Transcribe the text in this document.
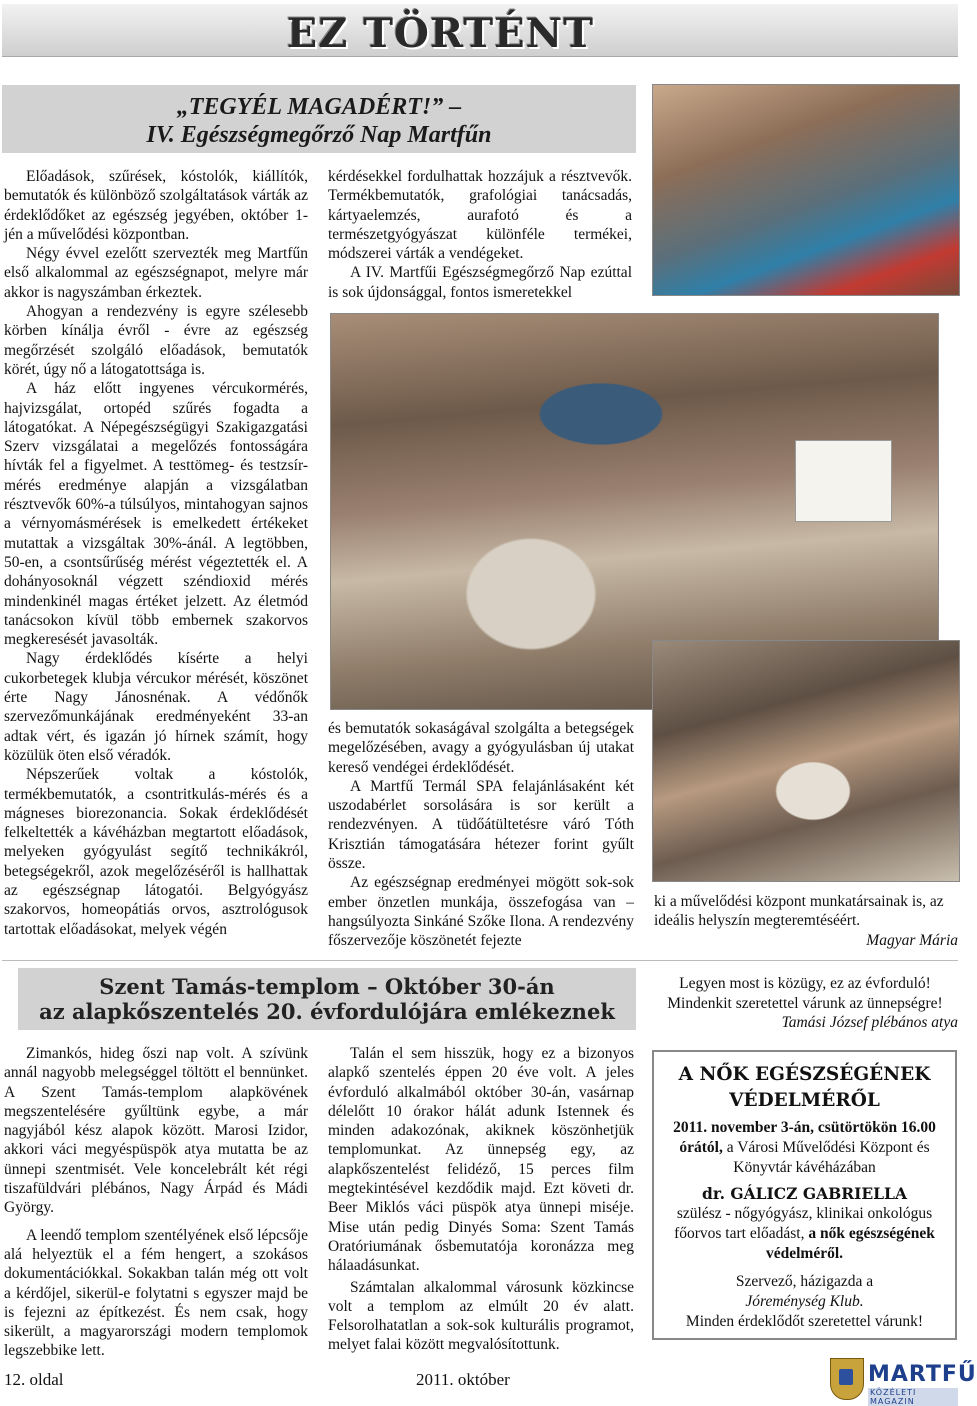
EZ TÖRTÉNT
„TEGYÉL MAGADÉRT!” –
IV. Egészségmegőrző Nap Martfűn

Előadások, szűrések, kóstolók, kiállítók, bemutatók és különböző szolgáltatások várták az érdeklődőket az egészség jegyében, október 1-jén a művelődési központban.

Négy évvel ezelőtt szervezték meg Martfűn első alkalommal az egészségnapot, melyre már akkor is nagyszámban érkeztek.

Ahogyan a rendezvény is egyre szélesebb körben kínálja évről - évre az egészség megőrzését szolgáló előadások, bemutatók körét, úgy nő a látogatottsága is.

A ház előtt ingyenes vércukormérés, hajvizsgálat, ortopéd szűrés fogadta a látogatókat. A Népegészségügyi Szakigazgatási Szerv vizsgálatai a megelőzés fontosságára hívták fel a figyelmet. A testtömeg- és testzsír-mérés eredménye alapján a vizsgálatban résztvevők 60%-a túlsúlyos, mintahogyan sajnos a vérnyomásmérések is emelkedett értékeket mutattak a vizsgáltak 30%-ánál. A legtöbben, 50-en, a csontsűrűség mérést végeztették el. A dohányosoknál végzett széndioxid mérés mindenkinél magas értéket jelzett. Az életmód tanácsokon kívül több embernek szakorvos megkeresését javasolták.

Nagy érdeklődés kísérte a helyi cukorbetegek klubja vércukor mérését, köszönet érte Nagy Jánosnénak. A védőnők szervezőmunkájának eredményeként 33-an adtak vért, és igazán jó hírnek számít, hogy közülük öten első véradók.

Népszerűek voltak a kóstolók, termékbemutatók, a csontritkulás-mérés és a mágneses biorezonancia. Sokak érdeklődését felkeltették a kávéházban megtartott előadások, melyeken gyógyulást segítő technikákról, betegségekről, azok megelőzéséről is hallhattak az egészségnap látogatói. Belgyógyász szakorvos, homeopátiás orvos, asztrológusok tartottak előadásokat, melyek végén

kérdésekkel fordulhattak hozzájuk a résztvevők. Termékbemutatók, grafológiai tanácsadás, kártyaelemzés, aurafotó és a természetgyógyászat különféle termékei, módszerei várták a vendégeket.

A IV. Martfűi Egészségmegőrző Nap ezúttal is sok újdonsággal, fontos ismeretekkel

és bemutatók sokaságával szolgálta a betegségek megelőzésében, avagy a gyógyulásban új utakat kereső vendégei érdeklődését.

A Martfű Termál SPA felajánlásaként két uszodabérlet sorsolására is sor került a rendezvényen. A tüdőátültetésre váró Tóth Krisztián támogatására hétezer forint gyűlt össze.

Az egészségnap eredményei mögött sok-sok ember önzetlen munkája, összefogása van – hangsúlyozta Sinkáné Szőke Ilona. A rendezvény főszervezője köszönetét fejezte

ki a művelődési központ munkatársainak is, az ideális helyszín megteremtéséért.
Magyar Mária
Szent Tamás-templom – Október 30-án
az alapkőszentelés 20. évfordulójára emlékeznek
Legyen most is közügy, ez az évforduló!
Mindenkit szeretettel várunk az ünnepségre!
Tamási József plébános atya

Zimankós, hideg őszi nap volt. A szívünk annál nagyobb melegséggel töltött el bennünket. A Szent Tamás-templom alapkövének megszentelésére gyűltünk egybe, a már nagyjából kész alapok között. Marosi Izidor, akkori váci megyéspüspök atya mutatta be az ünnepi szentmisét. Vele koncelebrált két régi tiszafüldvári plébános, Nagy Árpád és Mádi György.

A leendő templom szentélyének első lépcsője alá helyeztük el a fém hengert, a szokásos dokumentációkkal. Sokakban talán még ott volt a kérdőjel, sikerül-e folytatni s egyszer majd be is fejezni az építkezést. És nem csak, hogy sikerült, a magyarországi modern templomok legszebbike lett.

Talán el sem hisszük, hogy ez a bizonyos alapkő szentelés éppen 20 éve volt. A jeles évforduló alkalmából október 30-án, vasárnap délelőtt 10 órakor hálát adunk Istennek és minden adakozónak, akiknek köszönhetjük templomunkat. Az ünnepség egy, az alapkőszentelést felidéző, 15 perces film megtekintésével kezdődik majd. Ezt követi dr. Beer Miklós váci püspök atya ünnepi miséje. Mise után pedig Dinyés Soma: Szent Tamás Oratóriumának ősbemutatója koronázza meg hálaadásunkat.

Számtalan alkalommal városunk közkincse volt a templom az elmúlt 20 év alatt. Felsorolhatatlan a sok-sok kulturális programot, melyet falai között megvalósítottunk.

A NŐK EGÉSZSÉGÉNEK
VÉDELMÉRŐL
2011. november 3-án, csütörtökön 16.00 órától, a Városi Művelődési Központ és Könyvtár kávéházában
dr. GÁLICZ GABRIELLA
szülész - nőgyógyász, klinikai onkológus főorvos tart előadást, a nők egészségének védelméről.
Szervező, házigazda a
Jóreménység Klub.
Minden érdeklődőt szeretettel várunk!
12. oldal	2011. október	MARTFŰ
KÖZÉLETI MAGAZIN
